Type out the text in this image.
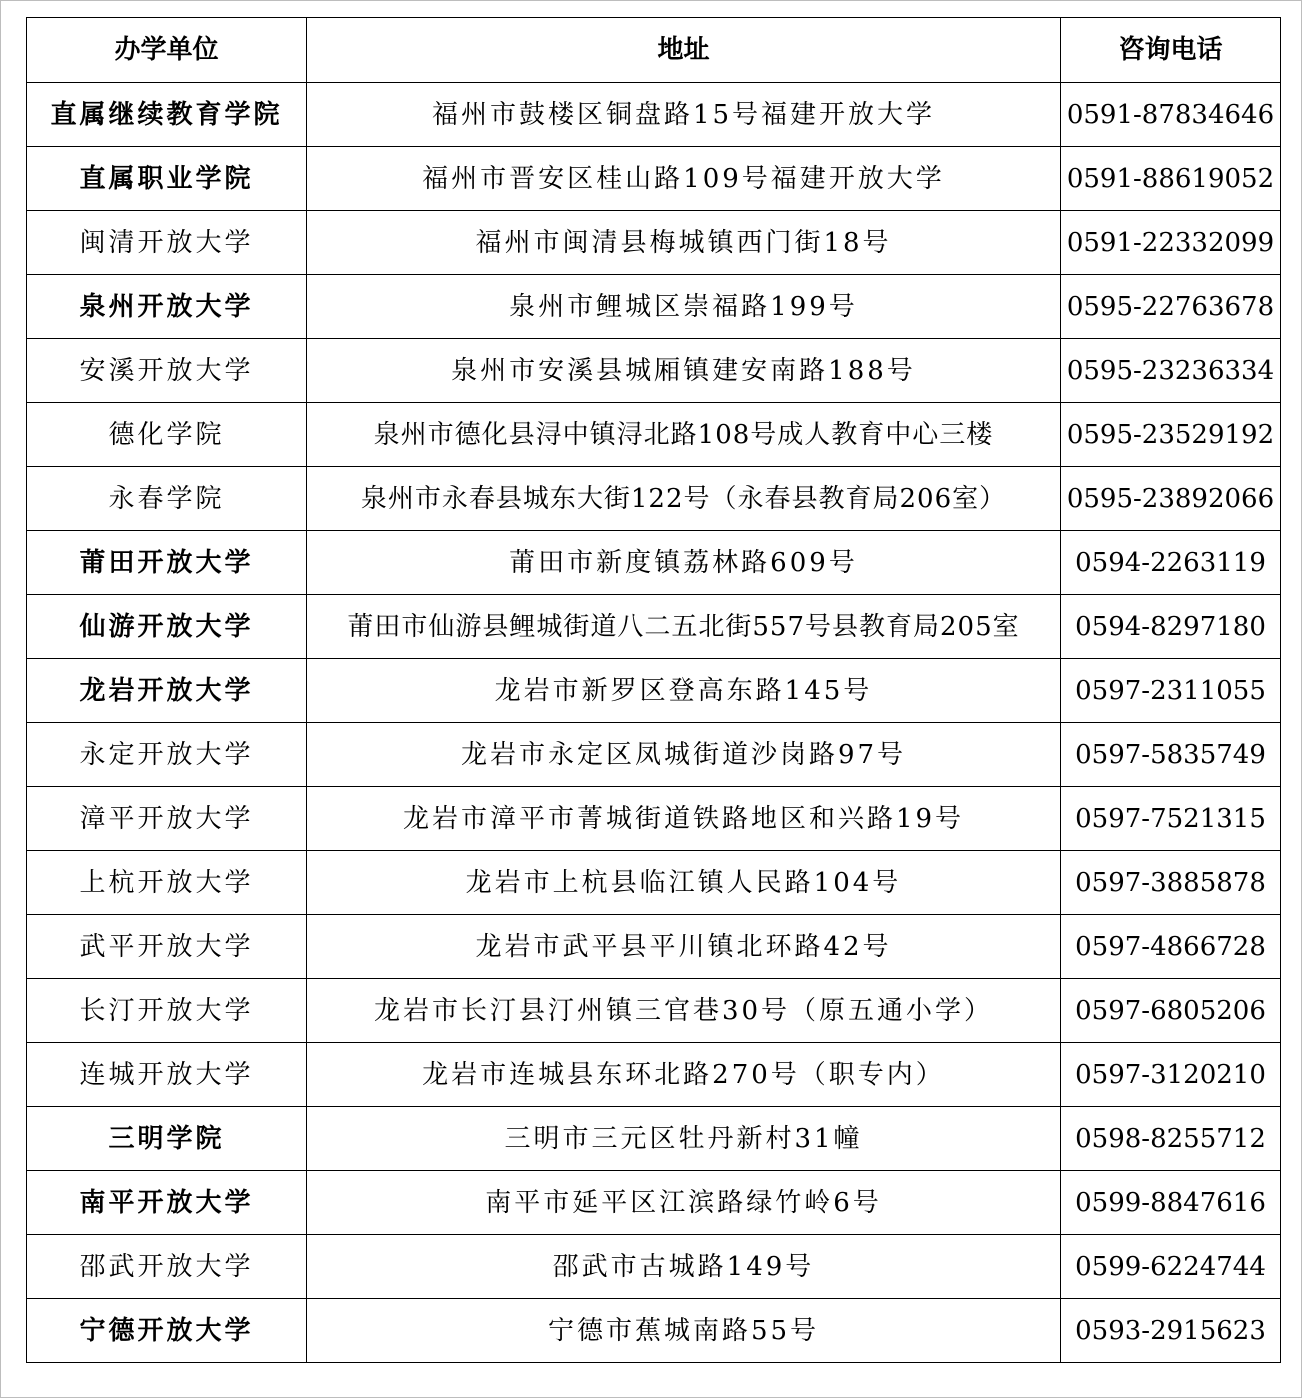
办学单位	地址	咨询电话
直属继续教育学院	福州市鼓楼区铜盘路15号福建开放大学	0591-87834646
直属职业学院	福州市晋安区桂山路109号福建开放大学	0591-88619052
闽清开放大学	福州市闽清县梅城镇西门街18号	0591-22332099
泉州开放大学	泉州市鲤城区崇福路199号	0595-22763678
安溪开放大学	泉州市安溪县城厢镇建安南路188号	0595-23236334
德化学院	泉州市德化县浔中镇浔北路108号成人教育中心三楼	0595-23529192
永春学院	泉州市永春县城东大街122号（永春县教育局206室）	0595-23892066
莆田开放大学	莆田市新度镇荔林路609号	0594-2263119
仙游开放大学	莆田市仙游县鲤城街道八二五北街557号县教育局205室	0594-8297180
龙岩开放大学	龙岩市新罗区登高东路145号	0597-2311055
永定开放大学	龙岩市永定区凤城街道沙岗路97号	0597-5835749
漳平开放大学	龙岩市漳平市菁城街道铁路地区和兴路19号	0597-7521315
上杭开放大学	龙岩市上杭县临江镇人民路104号	0597-3885878
武平开放大学	龙岩市武平县平川镇北环路42号	0597-4866728
长汀开放大学	龙岩市长汀县汀州镇三官巷30号（原五通小学）	0597-6805206
连城开放大学	龙岩市连城县东环北路270号（职专内）	0597-3120210
三明学院	三明市三元区牡丹新村31幢	0598-8255712
南平开放大学	南平市延平区江滨路绿竹岭6号	0599-8847616
邵武开放大学	邵武市古城路149号	0599-6224744
宁德开放大学	宁德市蕉城南路55号	0593-2915623
